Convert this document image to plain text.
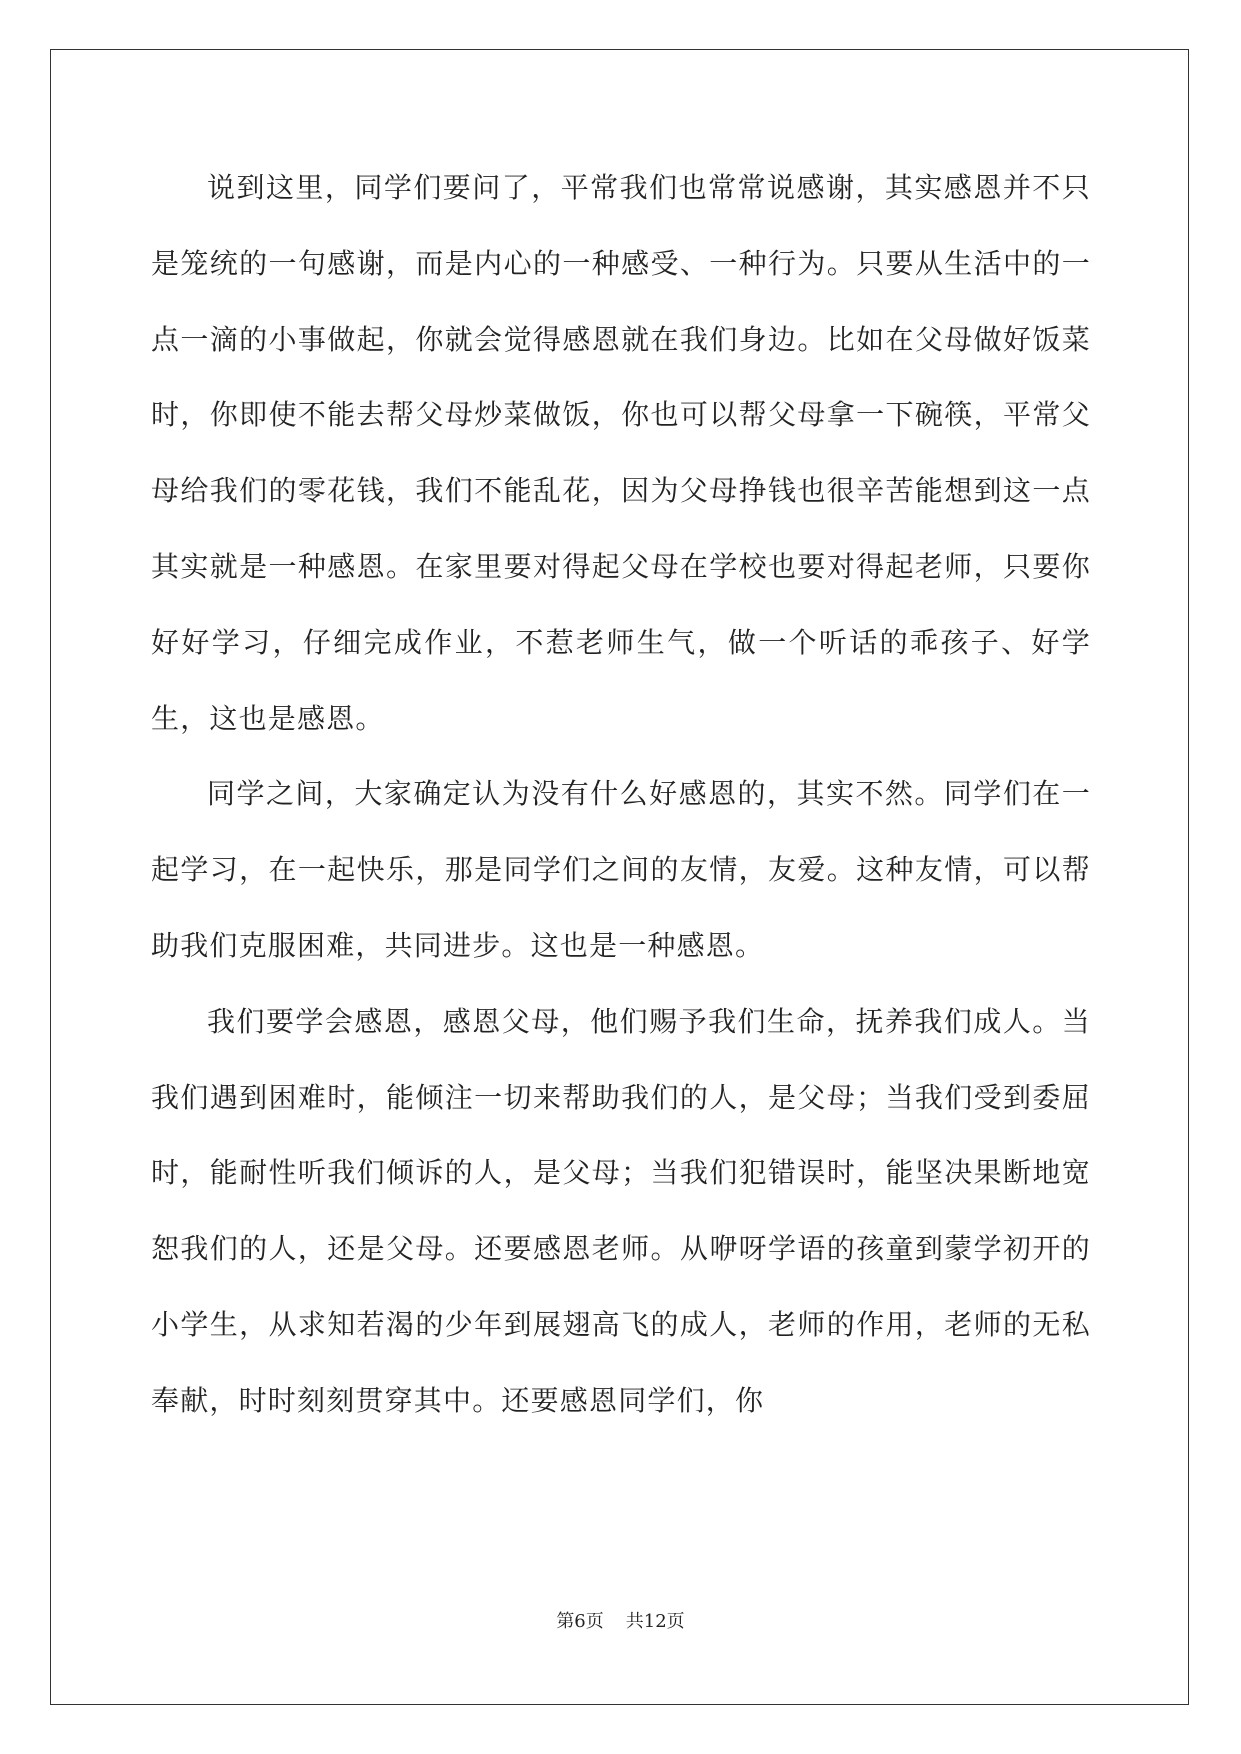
说到这里，同学们要问了，平常我们也常常说感谢，其实感恩并不只是笼统的一句感谢，而是内心的一种感受、一种行为。只要从生活中的一点一滴的小事做起，你就会觉得感恩就在我们身边。比如在父母做好饭菜时，你即使不能去帮父母炒菜做饭，你也可以帮父母拿一下碗筷，平常父母给我们的零花钱，我们不能乱花，因为父母挣钱也很辛苦能想到这一点其实就是一种感恩。在家里要对得起父母在学校也要对得起老师，只要你好好学习，仔细完成作业，不惹老师生气，做一个听话的乖孩子、好学生，这也是感恩。

同学之间，大家确定认为没有什么好感恩的，其实不然。同学们在一起学习，在一起快乐，那是同学们之间的友情，友爱。这种友情，可以帮助我们克服困难，共同进步。这也是一种感恩。

我们要学会感恩，感恩父母，他们赐予我们生命，抚养我们成人。当我们遇到困难时，能倾注一切来帮助我们的人，是父母；当我们受到委屈时，能耐性听我们倾诉的人，是父母；当我们犯错误时，能坚决果断地宽恕我们的人，还是父母。还要感恩老师。从咿呀学语的孩童到蒙学初开的小学生，从求知若渴的少年到展翅高飞的成人，老师的作用，老师的无私奉献，时时刻刻贯穿其中。还要感恩同学们，你

第6页 共12页
